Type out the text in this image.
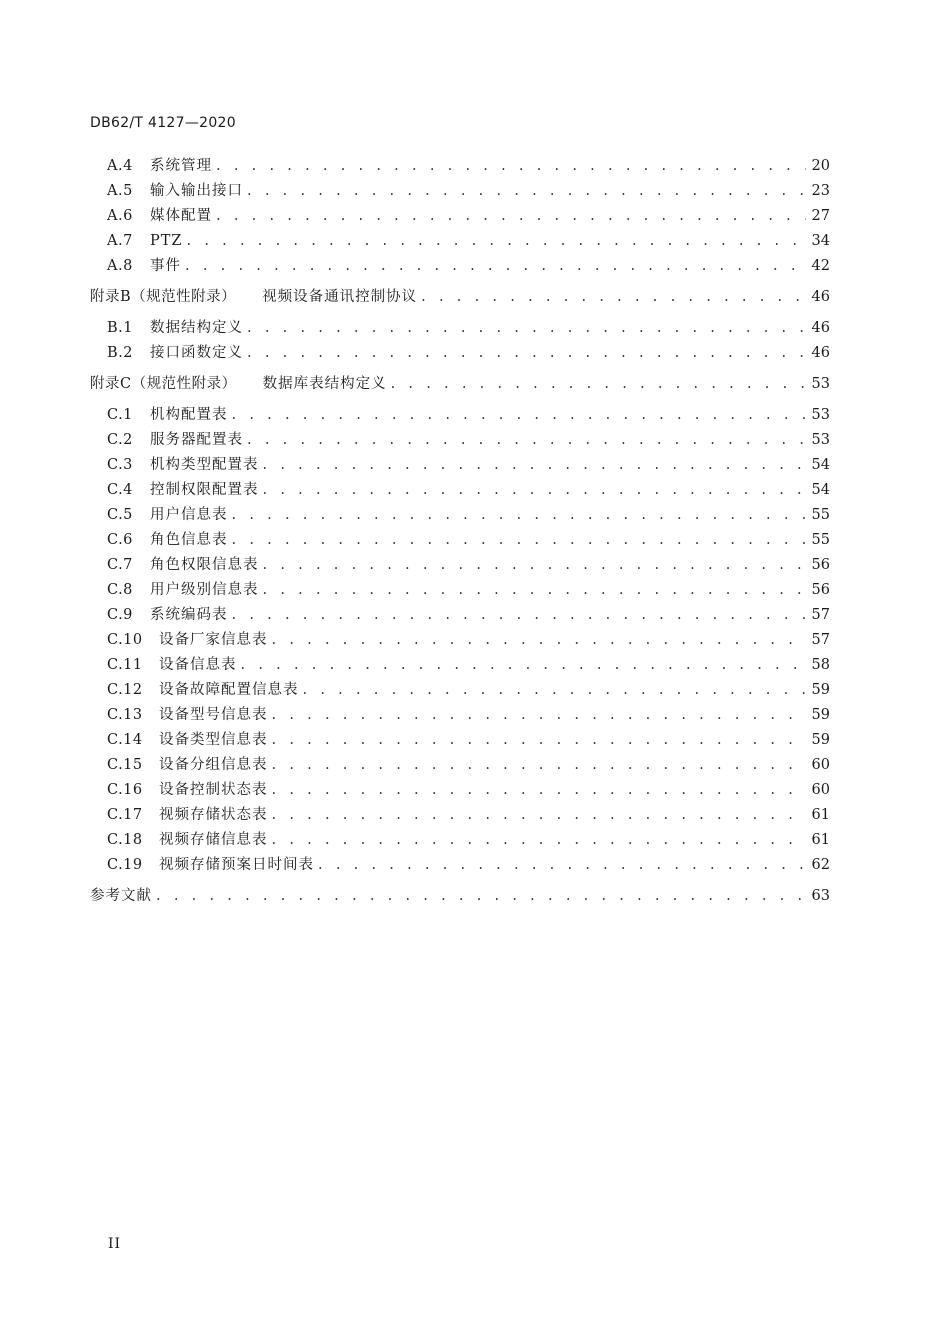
DB62/T 4127—2020
A.4	系统管理 . . .	20
A.5	输入输出接口 . . .	23
A.6	媒体配置 . . .	27
A.7	PTZ . . .	34
A.8	事件 . . .	42
附录B（规范性附录） 视频设备通讯控制协议 . . .	46
B.1	数据结构定义 . . .	46
B.2	接口函数定义 . . .	46
附录C（规范性附录） 数据库表结构定义 . . .	53
C.1	机构配置表 . . .	53
C.2	服务器配置表 . . .	53
C.3	机构类型配置表 . . .	54
C.4	控制权限配置表 . . .	54
C.5	用户信息表 . . .	55
C.6	角色信息表 . . .	55
C.7	角色权限信息表 . . .	56
C.8	用户级别信息表 . . .	56
C.9	系统编码表 . . .	57
C.10	设备厂家信息表 . . .	57
C.11	设备信息表 . . .	58
C.12	设备故障配置信息表 . . .	59
C.13	设备型号信息表 . . .	59
C.14	设备类型信息表 . . .	59
C.15	设备分组信息表 . . .	60
C.16	设备控制状态表 . . .	60
C.17	视频存储状态表 . . .	61
C.18	视频存储信息表 . . .	61
C.19	视频存储预案日时间表 . . .	62
参考文献 . . .	63
II
